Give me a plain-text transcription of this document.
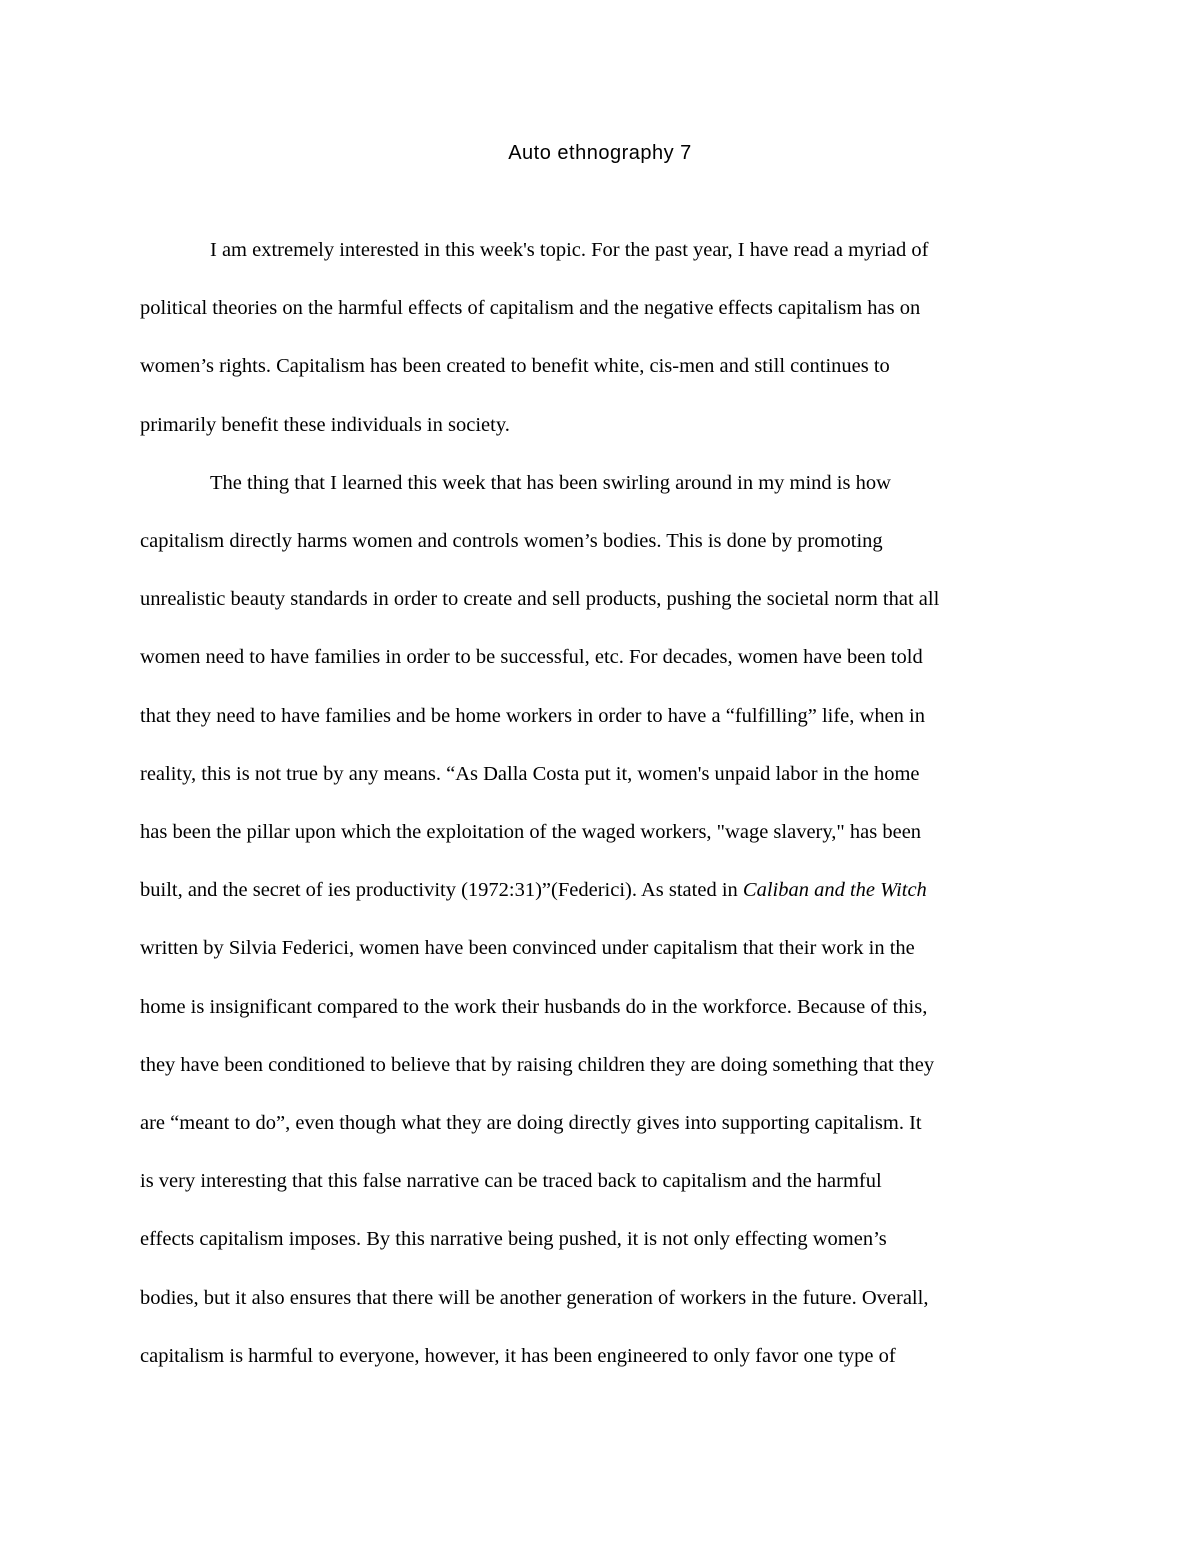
Auto ethnography 7

I am extremely interested in this week's topic. For the past year, I have read a myriad of
political theories on the harmful effects of capitalism and the negative effects capitalism has on
women’s rights. Capitalism has been created to benefit white, cis-men and still continues to
primarily benefit these individuals in society.

The thing that I learned this week that has been swirling around in my mind is how
capitalism directly harms women and controls women’s bodies. This is done by promoting
unrealistic beauty standards in order to create and sell products, pushing the societal norm that all
women need to have families in order to be successful, etc. For decades, women have been told
that they need to have families and be home workers in order to have a “fulfilling” life, when in
reality, this is not true by any means. “As Dalla Costa put it, women's unpaid labor in the home
has been the pillar upon which the exploitation of the waged workers, "wage slavery," has been
built, and the secret of ies productivity (1972:31)”(Federici). As stated in Caliban and the Witch
written by Silvia Federici, women have been convinced under capitalism that their work in the
home is insignificant compared to the work their husbands do in the workforce. Because of this,
they have been conditioned to believe that by raising children they are doing something that they
are “meant to do”, even though what they are doing directly gives into supporting capitalism. It
is very interesting that this false narrative can be traced back to capitalism and the harmful
effects capitalism imposes. By this narrative being pushed, it is not only effecting women’s
bodies, but it also ensures that there will be another generation of workers in the future. Overall,
capitalism is harmful to everyone, however, it has been engineered to only favor one type of
